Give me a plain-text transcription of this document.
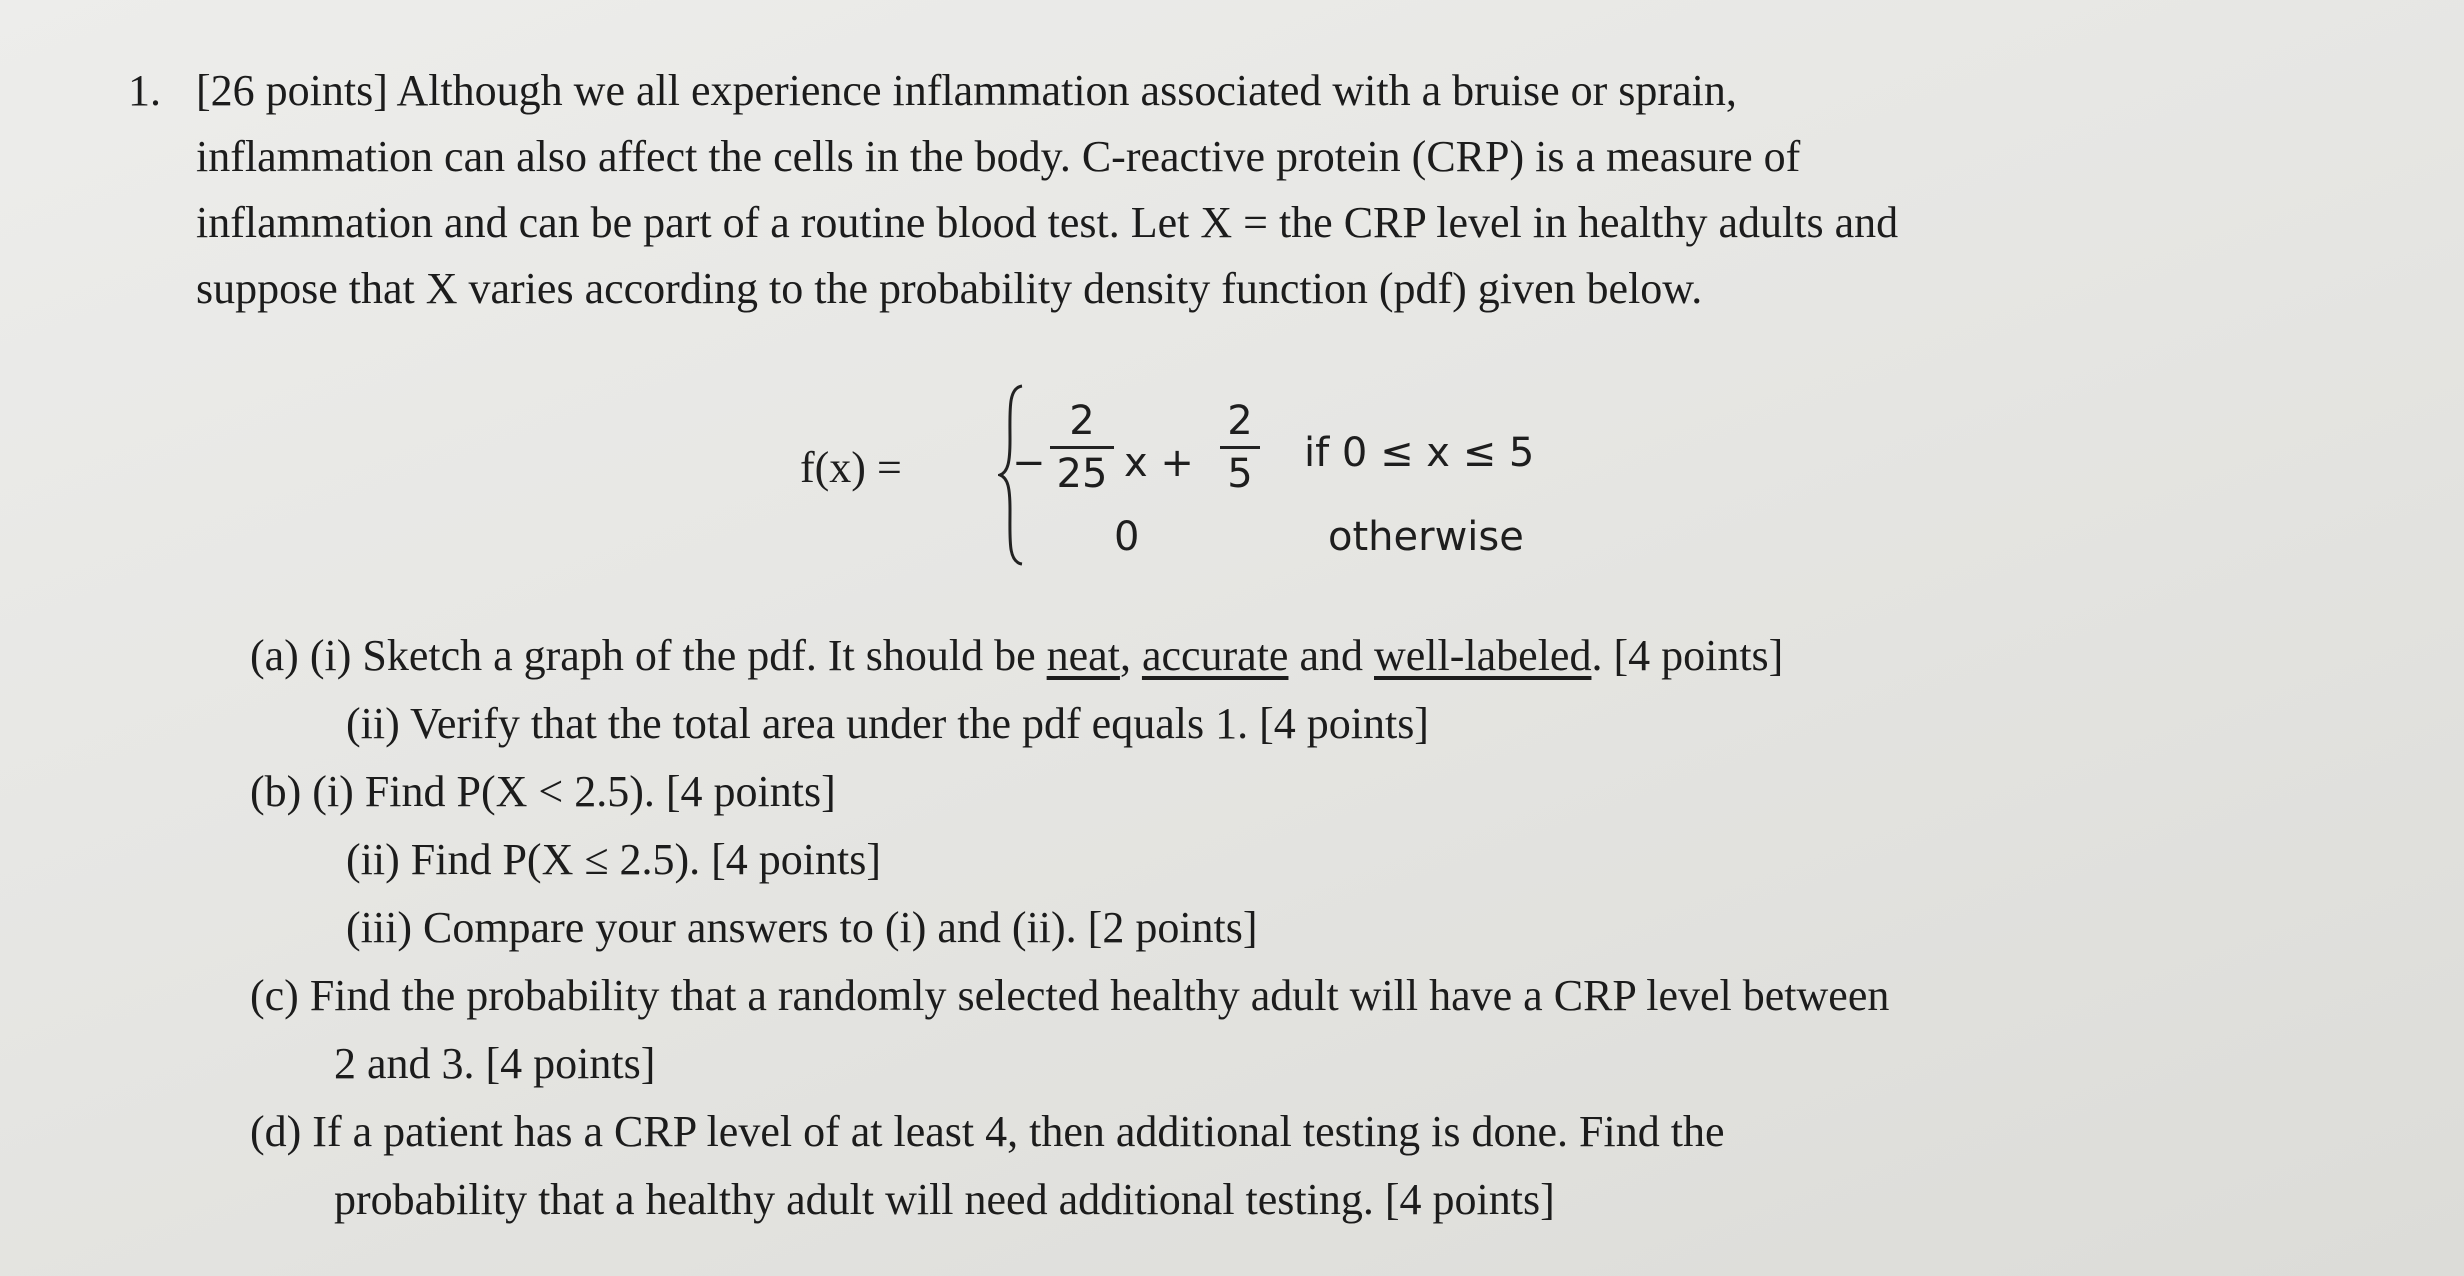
1. [26 points] Although we all experience inflammation associated with a bruise or sprain,
inflammation can also affect the cells in the body. C-reactive protein (CRP) is a measure of
inflammation and can be part of a routine blood test. Let X = the CRP level in healthy adults and
suppose that X varies according to the probability density function (pdf) given below.
f(x) =	−
2
25 x +
2
5 if 0 ≤ x ≤ 5
0	otherwise
(a) (i) Sketch a graph of the pdf. It should be neat, accurate and well-labeled. [4 points]
(ii) Verify that the total area under the pdf equals 1. [4 points]
(b) (i) Find P(X < 2.5). [4 points]
(ii) Find P(X ≤ 2.5). [4 points]
(iii) Compare your answers to (i) and (ii). [2 points]
(c) Find the probability that a randomly selected healthy adult will have a CRP level between
2 and 3. [4 points]
(d) If a patient has a CRP level of at least 4, then additional testing is done. Find the
probability that a healthy adult will need additional testing. [4 points]
